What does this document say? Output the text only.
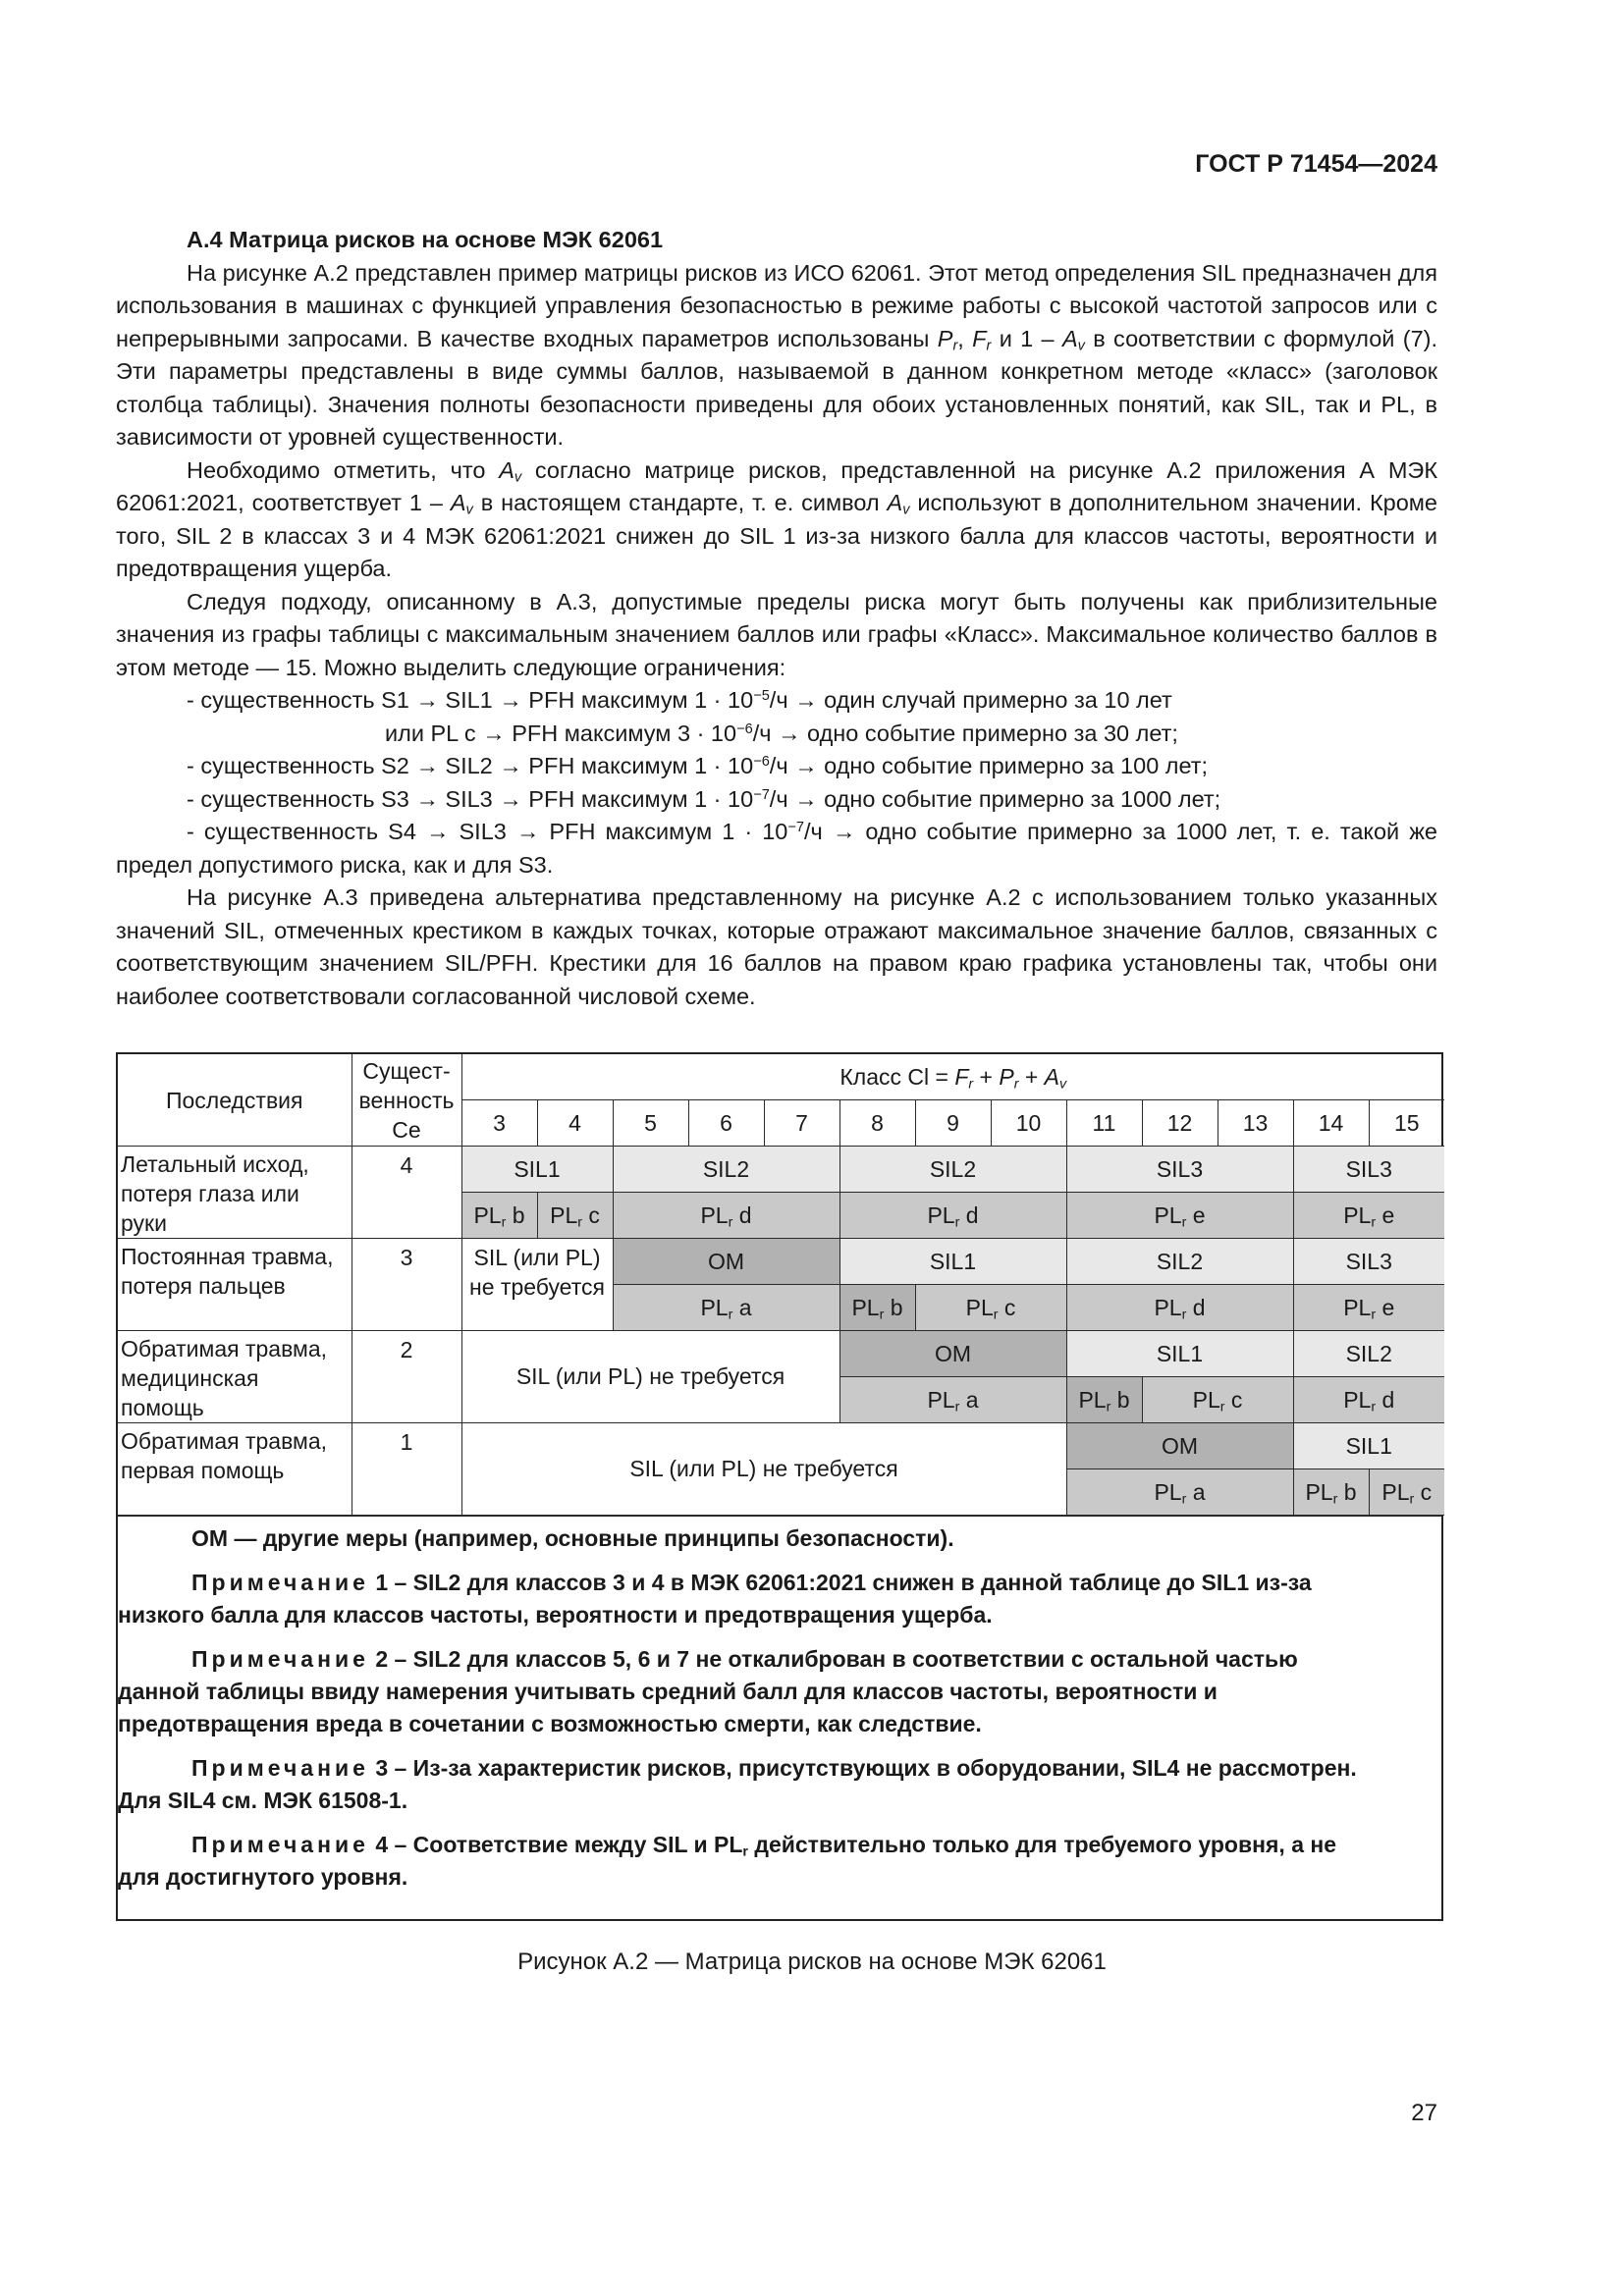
ГОСТ Р 71454—2024

А.4 Матрица рисков на основе МЭК 62061

На рисунке А.2 представлен пример матрицы рисков из ИСО 62061. Этот метод определения SIL предназначен для использования в машинах с функцией управления безопасностью в режиме работы с высокой частотой запросов или с непрерывными запросами. В качестве входных параметров использованы $P_r$, $F_r$ и $1 - A_v$ в соответствии с формулой (7). Эти параметры представлены в виде суммы баллов, называемой в данном конкретном методе «класс» (заголовок столбца таблицы). Значения полноты безопасности приведены для обоих установленных понятий, как SIL, так и PL, в зависимости от уровней существенности.

Необходимо отметить, что $A_v$ согласно матрице рисков, представленной на рисунке А.2 приложения А МЭК 62061:2021, соответствует $1 - A_v$ в настоящем стандарте, т. е. символ $A_v$ используют в дополнительном значении. Кроме того, SIL 2 в классах 3 и 4 МЭК 62061:2021 снижен до SIL 1 из-за низкого балла для классов частоты, вероятности и предотвращения ущерба.

Следуя подходу, описанному в А.3, допустимые пределы риска могут быть получены как приблизительные значения из графы таблицы с максимальным значением баллов или графы «Класс». Максимальное количество баллов в этом методе — 15. Можно выделить следующие ограничения:

- существенность S1 → SIL1 → PFH максимум $1 \cdot 10^{-5}/ч$ → один случай примерно за 10 лет

или PL c → PFH максимум $3 \cdot 10^{-6}/ч$ → одно событие примерно за 30 лет;

- существенность S2 → SIL2 → PFH максимум $1 \cdot 10^{-6}/ч$ → одно событие примерно за 100 лет;

- существенность S3 → SIL3 → PFH максимум $1 \cdot 10^{-7}/ч$ → одно событие примерно за 1000 лет;

- существенность S4 → SIL3 → PFH максимум $1 \cdot 10^{-7}/ч$ → одно событие примерно за 1000 лет, т. е. такой же предел допустимого риска, как и для S3.

На рисунке А.3 приведена альтернатива представленному на рисунке А.2 с использованием только указанных значений SIL, отмеченных крестиком в каждых точках, которые отражают максимальное значение баллов, связанных с соответствующим значением SIL/PFH. Крестики для 16 баллов на правом краю графика установлены так, чтобы они наиболее соответствовали согласованной числовой схеме.

Последствия	Сущест-венность Ce	Класс $Cl = F_r + P_r + A_v$
		3	4	5	6	7	8	9	10	11	12	13	14	15
Летальный исход, потеря глаза или руки	4	SIL1		SIL2			SIL2			SIL3			SIL3	
		$PL_r$ b	$PL_r$ c	$PL_r$ d			$PL_r$ d			$PL_r$ e			$PL_r$ e	
Постоянная травма, потеря пальцев	3	SIL (или PL) не требуется		OM			SIL1			SIL2			SIL3	
				$PL_r$ a			$PL_r$ b	$PL_r$ c		$PL_r$ d			$PL_r$ e	
Обратимая травма, медицинская помощь	2	SIL (или PL) не требуется					OM			SIL1			SIL2	
							$PL_r$ a			$PL_r$ b	$PL_r$ c		$PL_r$ d	
Обратимая травма, первая помощь	1	SIL (или PL) не требуется								OM			SIL1	
										$PL_r$ a			$PL_r$ b	$PL_r$ c

ОМ — другие меры (например, основные принципы безопасности).

Примечание 1 – SIL2 для классов 3 и 4 в МЭК 62061:2021 снижен в данной таблице до SIL1 из-за низкого балла для классов частоты, вероятности и предотвращения ущерба.

Примечание 2 – SIL2 для классов 5, 6 и 7 не откалиброван в соответствии с остальной частью данной таблицы ввиду намерения учитывать средний балл для классов частоты, вероятности и предотвращения вреда в сочетании с возможностью смерти, как следствие.

Примечание 3 – Из-за характеристик рисков, присутствующих в оборудовании, SIL4 не рассмотрен. Для SIL4 см. МЭК 61508-1.

Примечание 4 – Соответствие между SIL и $PL_r$ действительно только для требуемого уровня, а не для достигнутого уровня.

Рисунок А.2 — Матрица рисков на основе МЭК 62061
27
